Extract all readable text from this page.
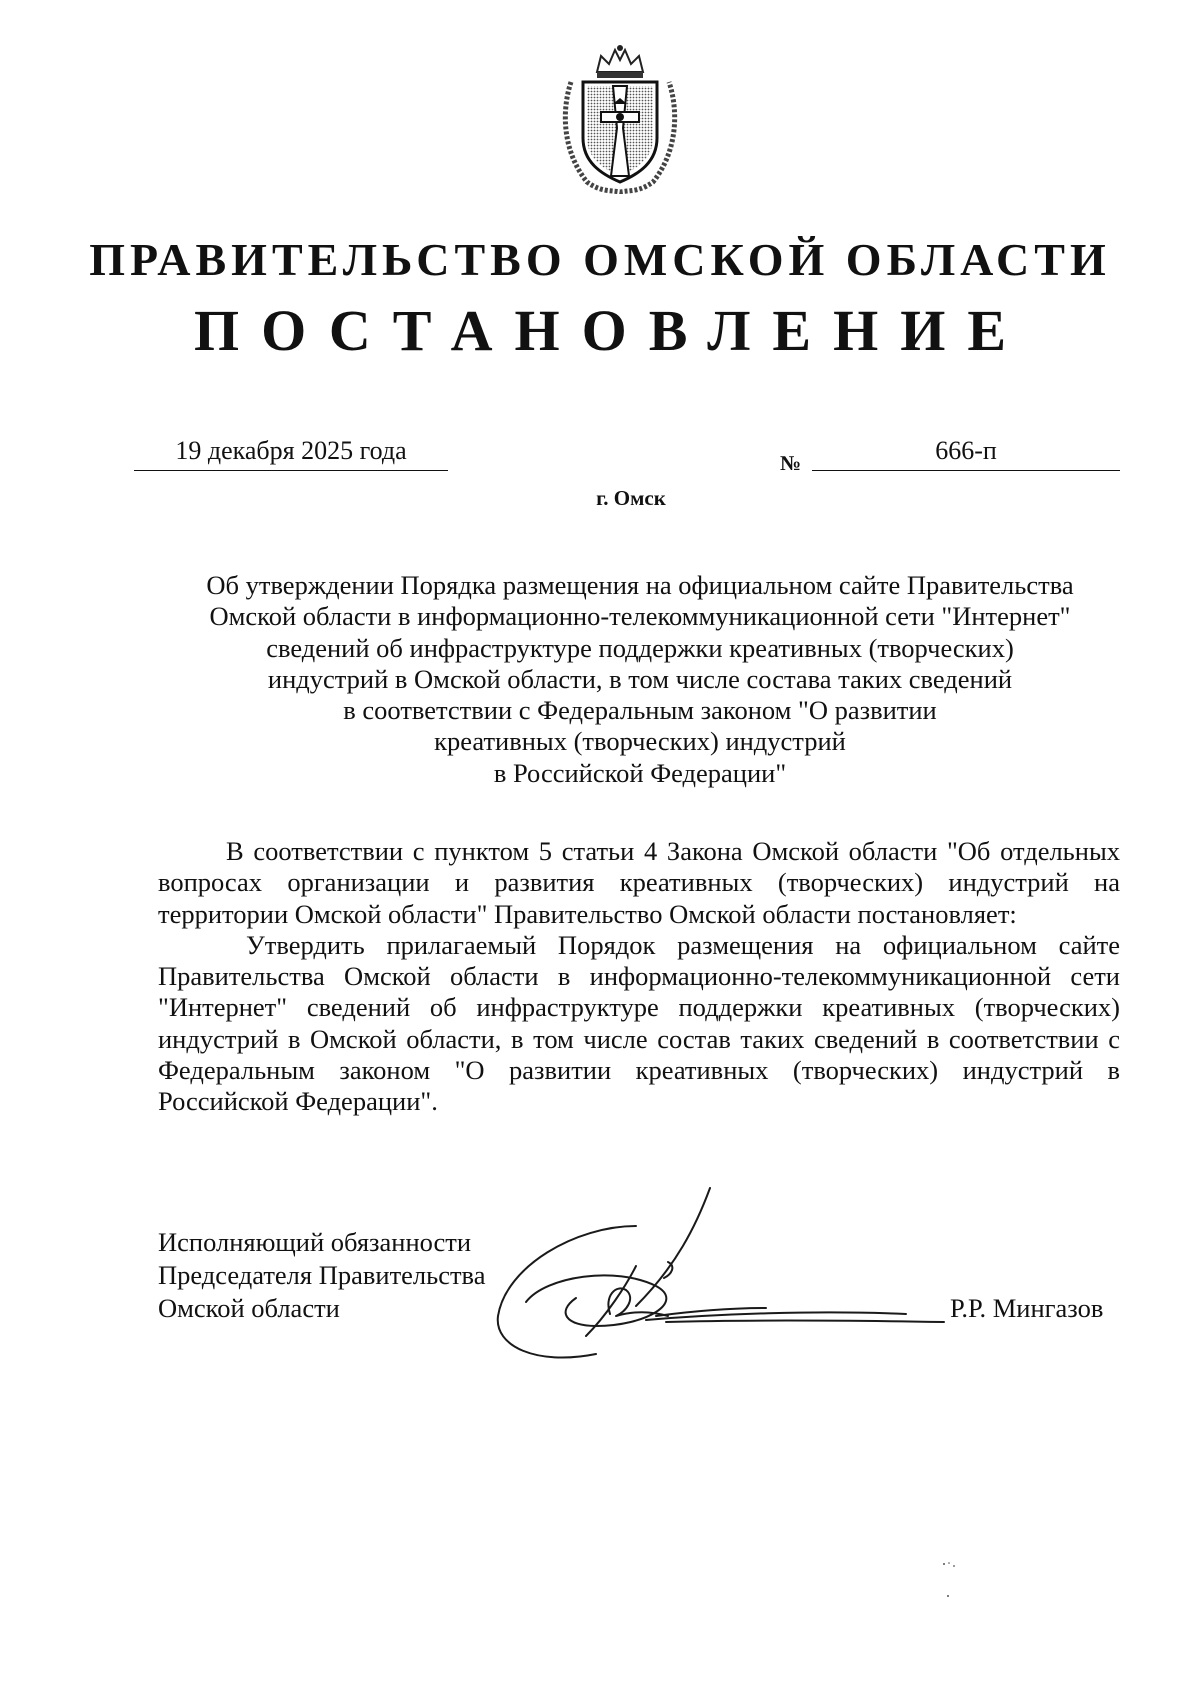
ПРАВИТЕЛЬСТВО ОМСКОЙ ОБЛАСТИ
ПОСТАНОВЛЕНИЕ
19 декабря 2025 года	№	666-п
г. Омск
Об утверждении Порядка размещения на официальном сайте Правительства
Омской области в информационно-телекоммуникационной сети "Интернет"
сведений об инфраструктуре поддержки креативных (творческих)
индустрий в Омской области, в том числе состава таких сведений
в соответствии с Федеральным законом "О развитии
креативных (творческих) индустрий
в Российской Федерации"

В соответствии с пунктом 5 статьи 4 Закона Омской области "Об отдельных вопросах организации и развития креативных (творческих) индустрий на территории Омской области" Правительство Омской области постановляет:

Утвердить прилагаемый Порядок размещения на официальном сайте Правительства Омской области в информационно-телекоммуникационной сети "Интернет" сведений об инфраструктуре поддержки креативных (творческих) индустрий в Омской области, в том числе состав таких сведений в соответствии с Федеральным законом "О развитии креативных (творческих) индустрий в Российской Федерации".

Исполняющий обязанности
Председателя Правительства
Омской области	Р.Р. Мингазов
